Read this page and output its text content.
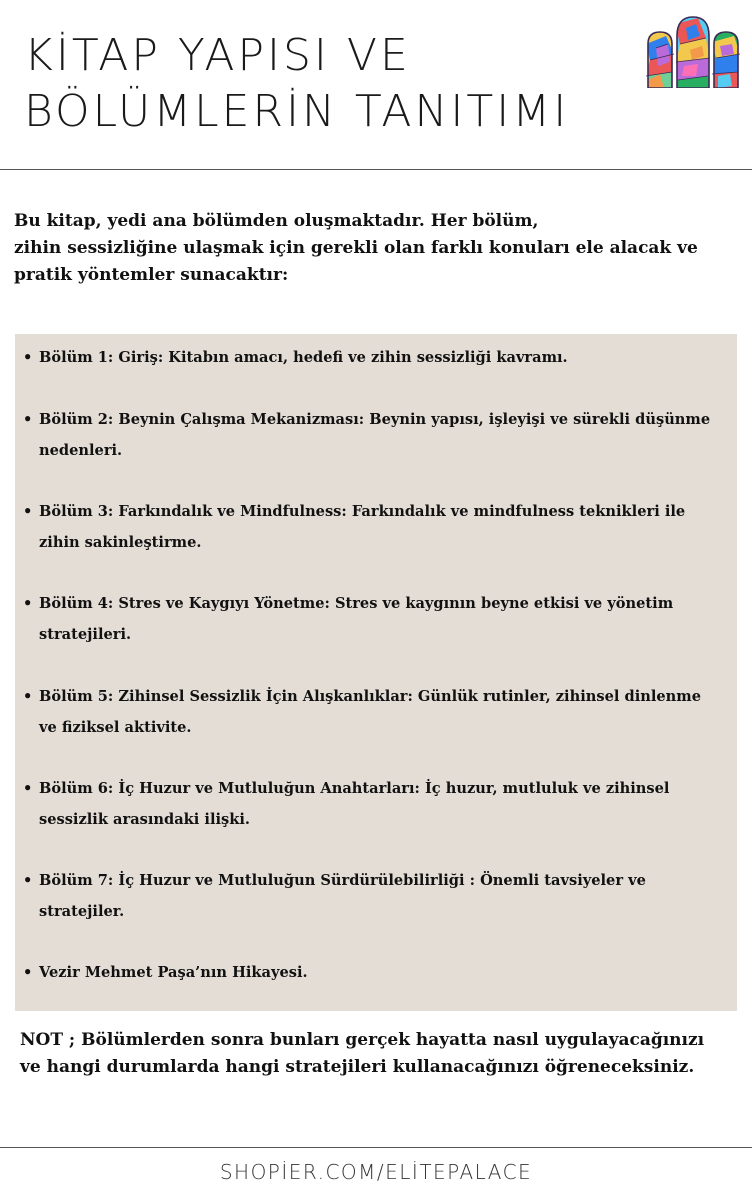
KİTAP YAPISI VE
BÖLÜMLERİN TANITIMI
Bu kitap, yedi ana bölümden oluşmaktadır. Her bölüm,
zihin sessizliğine ulaşmak için gerekli olan farklı konuları ele alacak ve
pratik yöntemler sunacaktır:
• Bölüm 1: Giriş: Kitabın amacı, hedefi ve zihin sessizliği kavramı.
• Bölüm 2: Beynin Çalışma Mekanizması: Beynin yapısı, işleyişi ve sürekli düşünme
nedenleri.
• Bölüm 3: Farkındalık ve Mindfulness: Farkındalık ve mindfulness teknikleri ile
zihin sakinleştirme.
• Bölüm 4: Stres ve Kaygıyı Yönetme: Stres ve kaygının beyne etkisi ve yönetim
stratejileri.
• Bölüm 5: Zihinsel Sessizlik İçin Alışkanlıklar: Günlük rutinler, zihinsel dinlenme
ve fiziksel aktivite.
• Bölüm 6: İç Huzur ve Mutluluğun Anahtarları: İç huzur, mutluluk ve zihinsel
sessizlik arasındaki ilişki.
• Bölüm 7: İç Huzur ve Mutluluğun Sürdürülebilirliği : Önemli tavsiyeler ve
stratejiler.
• Vezir Mehmet Paşa’nın Hikayesi.
NOT ; Bölümlerden sonra bunları gerçek hayatta nasıl uygulayacağınızı
ve hangi durumlarda hangi stratejileri kullanacağınızı öğreneceksiniz.
SHOPİER.COM/ELİTEPALACE
